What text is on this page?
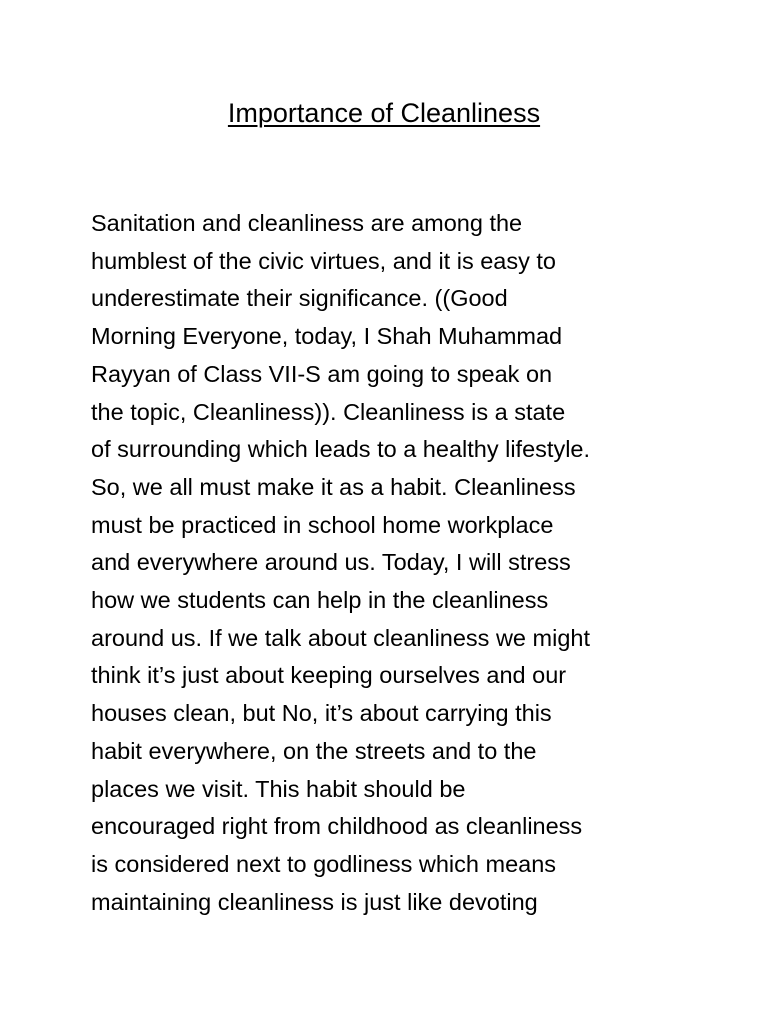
Importance of Cleanliness
Sanitation and cleanliness are among the
humblest of the civic virtues, and it is easy to
underestimate their significance. ((Good
Morning Everyone, today, I Shah Muhammad
Rayyan of Class VII-S am going to speak on
the topic, Cleanliness)). Cleanliness is a state
of surrounding which leads to a healthy lifestyle.
So, we all must make it as a habit. Cleanliness
must be practiced in school home workplace
and everywhere around us. Today, I will stress
how we students can help in the cleanliness
around us. If we talk about cleanliness we might
think it’s just about keeping ourselves and our
houses clean, but No, it’s about carrying this
habit everywhere, on the streets and to the
places we visit. This habit should be
encouraged right from childhood as cleanliness
is considered next to godliness which means
maintaining cleanliness is just like devoting
